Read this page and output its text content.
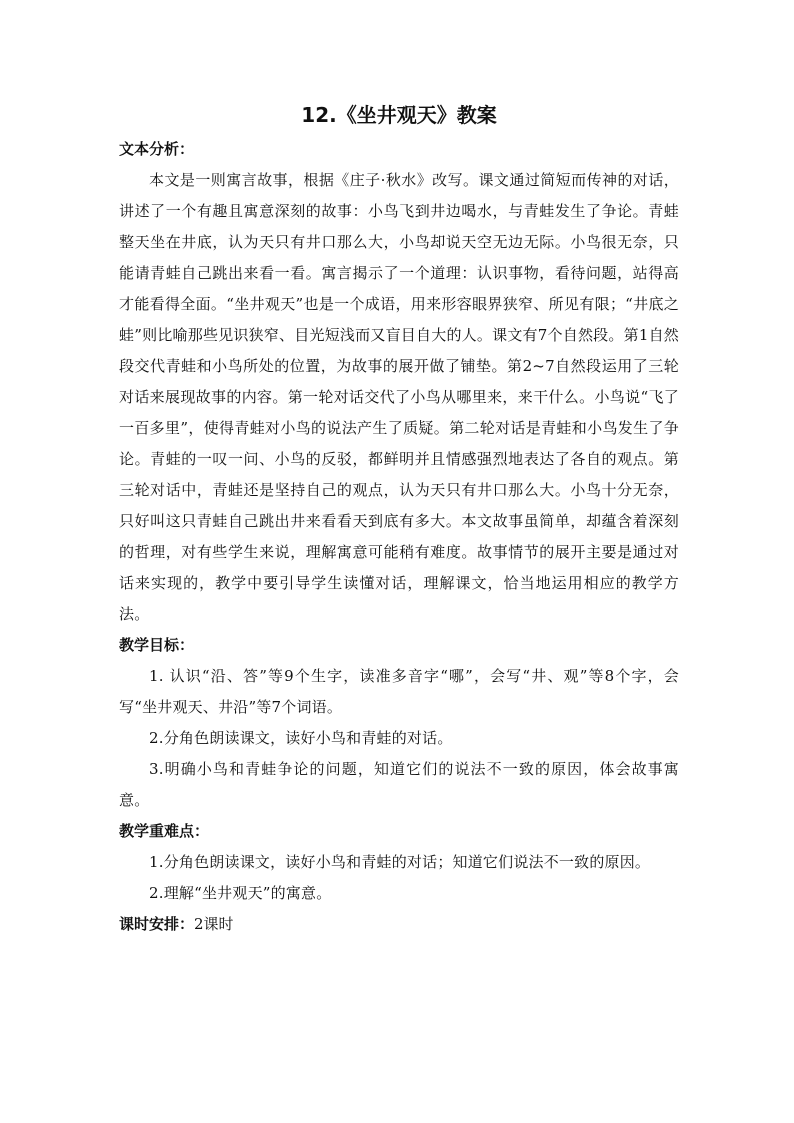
12.《坐井观天》教案

文本分析：

本文是一则寓言故事，根据《庄子·秋水》改写。课文通过简短而传神的对话，讲述了一个有趣且寓意深刻的故事：小鸟飞到井边喝水，与青蛙发生了争论。青蛙整天坐在井底，认为天只有井口那么大，小鸟却说天空无边无际。小鸟很无奈，只能请青蛙自己跳出来看一看。寓言揭示了一个道理：认识事物，看待问题，站得高才能看得全面。“坐井观天”也是一个成语，用来形容眼界狭窄、所见有限；“井底之蛙”则比喻那些见识狭窄、目光短浅而又盲目自大的人。课文有7个自然段。第1自然段交代青蛙和小鸟所处的位置，为故事的展开做了铺垫。第2~7自然段运用了三轮对话来展现故事的内容。第一轮对话交代了小鸟从哪里来，来干什么。小鸟说“飞了一百多里”，使得青蛙对小鸟的说法产生了质疑。第二轮对话是青蛙和小鸟发生了争论。青蛙的一叹一问、小鸟的反驳，都鲜明并且情感强烈地表达了各自的观点。第三轮对话中，青蛙还是坚持自己的观点，认为天只有井口那么大。小鸟十分无奈，只好叫这只青蛙自己跳出井来看看天到底有多大。本文故事虽简单，却蕴含着深刻的哲理，对有些学生来说，理解寓意可能稍有难度。故事情节的展开主要是通过对话来实现的，教学中要引导学生读懂对话，理解课文，恰当地运用相应的教学方法。

教学目标：

1. 认识“沿、答”等9个生字，读准多音字“哪”，会写“井、观”等8个字，会写“坐井观天、井沿”等7个词语。

2.分角色朗读课文，读好小鸟和青蛙的对话。

3.明确小鸟和青蛙争论的问题，知道它们的说法不一致的原因，体会故事寓意。

教学重难点：

1.分角色朗读课文，读好小鸟和青蛙的对话；知道它们说法不一致的原因。

2.理解“坐井观天”的寓意。

课时安排：2课时
